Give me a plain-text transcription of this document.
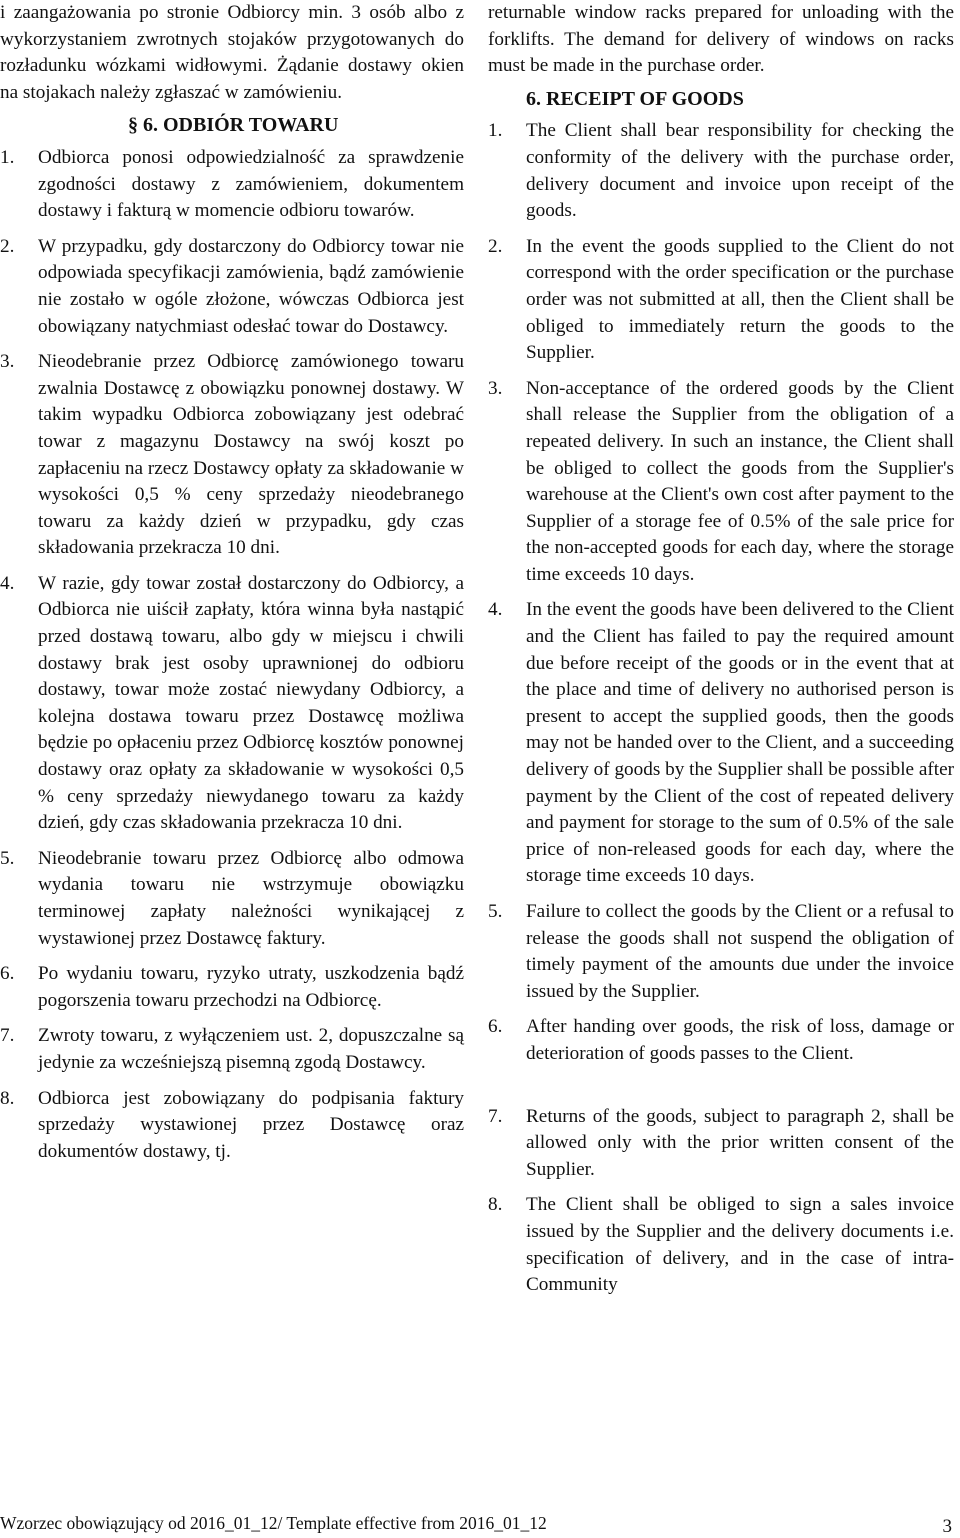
i zaangażowania po stronie Odbiorcy min. 3 osób albo z wykorzystaniem zwrotnych stojaków przygotowanych do rozładunku wózkami widłowymi. Żądanie dostawy okien na stojakach należy zgłaszać w zamówieniu.

§ 6. ODBIÓR TOWARU
1.	Odbiorca ponosi odpowiedzialność za sprawdzenie zgodności dostawy z zamówieniem, dokumentem dostawy i fakturą w momencie odbioru towarów.
2.	W przypadku, gdy dostarczony do Odbiorcy towar nie odpowiada specyfikacji zamówienia, bądź zamówienie nie zostało w ogóle złożone, wówczas Odbiorca jest obowiązany natychmiast odesłać towar do Dostawcy.
3.	Nieodebranie przez Odbiorcę zamówionego towaru zwalnia Dostawcę z obowiązku ponownej dostawy. W takim wypadku Odbiorca zobowiązany jest odebrać towar z magazynu Dostawcy na swój koszt po zapłaceniu na rzecz Dostawcy opłaty za składowanie w wysokości 0,5 % ceny sprzedaży nieodebranego towaru za każdy dzień w przypadku, gdy czas składowania przekracza 10 dni.
4.	W razie, gdy towar został dostarczony do Odbiorcy, a Odbiorca nie uiścił zapłaty, która winna była nastąpić przed dostawą towaru, albo gdy w miejscu i chwili dostawy brak jest osoby uprawnionej do odbioru dostawy, towar może zostać niewydany Odbiorcy, a kolejna dostawa towaru przez Dostawcę możliwa będzie po opłaceniu przez Odbiorcę kosztów ponownej dostawy oraz opłaty za składowanie w wysokości 0,5 % ceny sprzedaży niewydanego towaru za każdy dzień, gdy czas składowania przekracza 10 dni.
5.	Nieodebranie towaru przez Odbiorcę albo odmowa wydania towaru nie wstrzymuje obowiązku terminowej zapłaty należności wynikającej z wystawionej przez Dostawcę faktury.
6.	Po wydaniu towaru, ryzyko utraty, uszkodzenia bądź pogorszenia towaru przechodzi na Odbiorcę.
7.	Zwroty towaru, z wyłączeniem ust. 2, dopuszczalne są jedynie za wcześniejszą pisemną zgodą Dostawcy.
8.	Odbiorca jest zobowiązany do podpisania faktury sprzedaży wystawionej przez Dostawcę oraz dokumentów dostawy, tj.

returnable window racks prepared for unloading with the forklifts. The demand for delivery of windows on racks must be made in the purchase order.

6. RECEIPT OF GOODS
1.	The Client shall bear responsibility for checking the conformity of the delivery with the purchase order, delivery document and invoice upon receipt of the goods.
2.	In the event the goods supplied to the Client do not correspond with the order specification or the purchase order was not submitted at all, then the Client shall be obliged to immediately return the goods to the Supplier.
3.	Non-acceptance of the ordered goods by the Client shall release the Supplier from the obligation of a repeated delivery. In such an instance, the Client shall be obliged to collect the goods from the Supplier's warehouse at the Client's own cost after payment to the Supplier of a storage fee of 0.5% of the sale price for the non-accepted goods for each day, where the storage time exceeds 10 days.
4.	In the event the goods have been delivered to the Client and the Client has failed to pay the required amount due before receipt of the goods or in the event that at the place and time of delivery no authorised person is present to accept the supplied goods, then the goods may not be handed over to the Client, and a succeeding delivery of goods by the Supplier shall be possible after payment by the Client of the cost of repeated delivery and payment for storage to the sum of 0.5% of the sale price of non-released goods for each day, where the storage time exceeds 10 days.
5.	Failure to collect the goods by the Client or a refusal to release the goods shall not suspend the obligation of timely payment of the amounts due under the invoice issued by the Supplier.
6.	After handing over goods, the risk of loss, damage or deterioration of goods passes to the Client.
7.	Returns of the goods, subject to paragraph 2, shall be allowed only with the prior written consent of the Supplier.
8.	The Client shall be obliged to sign a sales invoice issued by the Supplier and the delivery documents i.e. specification of delivery, and in the case of intra-Community
Wzorzec obowiązujący od 2016_01_12/ Template effective from 2016_01_12	3
